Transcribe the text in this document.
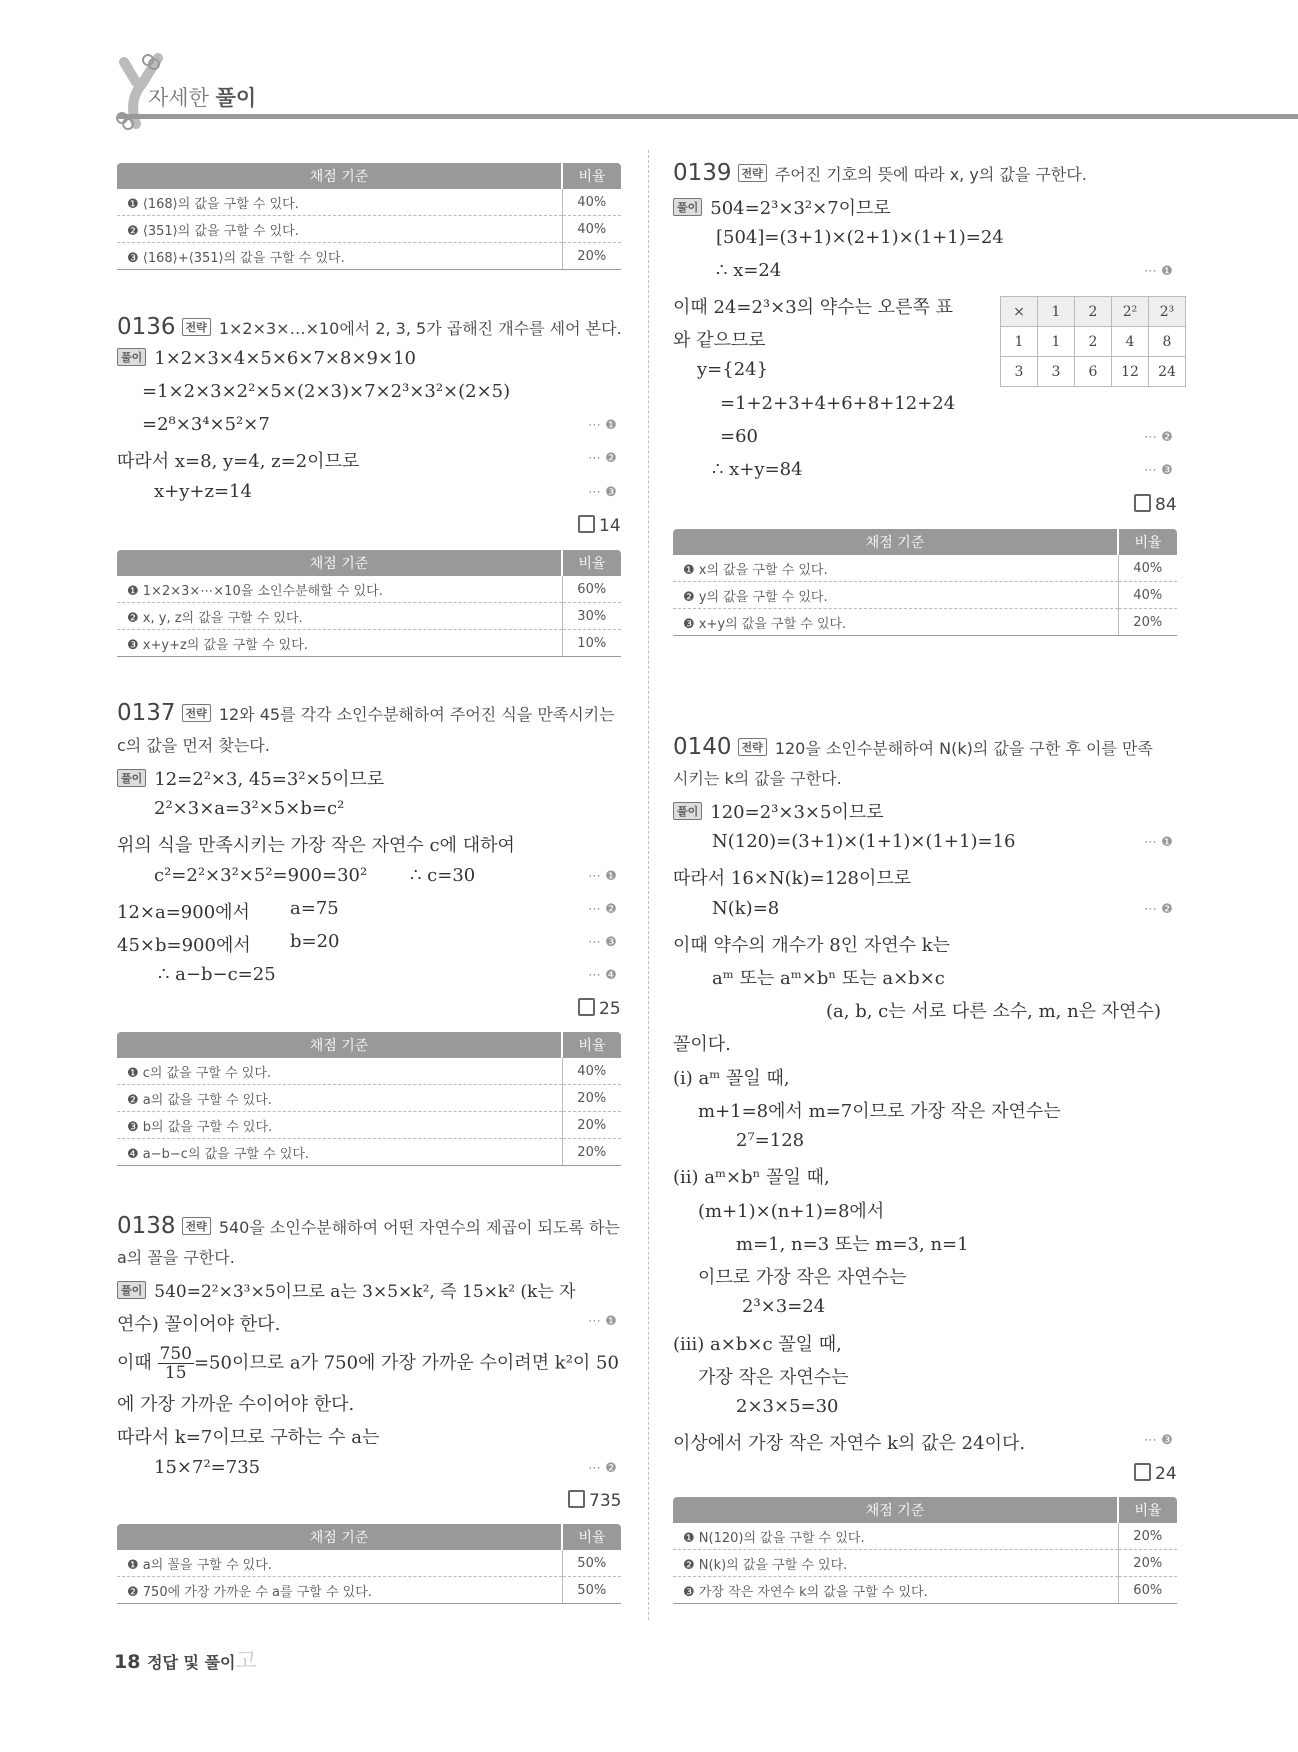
자세한 풀이
채점 기준	비율
❶ ⟨168⟩의 값을 구할 수 있다.	40%
❷ ⟨351⟩의 값을 구할 수 있다.	40%
❸ ⟨168⟩+⟨351⟩의 값을 구할 수 있다.	20%
0136 전략 1×2×3×…×10에서 2, 3, 5가 곱해진 개수를 세어 본다.
풀이 1×2×3×4×5×6×7×8×9×10
=1×2×3×2²×5×(2×3)×7×2³×3²×(2×5)
=2⁸×3⁴×5²×7	⋯ ❶
따라서 x=8, y=4, z=2이므로	⋯ ❷
x+y+z=14	⋯ ❸
14
채점 기준	비율
❶ 1×2×3×⋯×10을 소인수분해할 수 있다.	60%
❷ x, y, z의 값을 구할 수 있다.	30%
❸ x+y+z의 값을 구할 수 있다.	10%
0137 전략 12와 45를 각각 소인수분해하여 주어진 식을 만족시키는
c의 값을 먼저 찾는다.
풀이 12=2²×3, 45=3²×5이므로
2²×3×a=3²×5×b=c²
위의 식을 만족시키는 가장 작은 자연수 c에 대하여
c²=2²×3²×5²=900=30² ∴ c=30	⋯ ❶
12×a=900에서 a=75	⋯ ❷
45×b=900에서 b=20	⋯ ❸
∴ a−b−c=25	⋯ ❹
25
채점 기준	비율
❶ c의 값을 구할 수 있다.	40%
❷ a의 값을 구할 수 있다.	20%
❸ b의 값을 구할 수 있다.	20%
❹ a−b−c의 값을 구할 수 있다.	20%
0138 전략 540을 소인수분해하여 어떤 자연수의 제곱이 되도록 하는
a의 꼴을 구한다.
풀이 540=2²×3³×5이므로 a는 3×5×k², 즉 15×k² (k는 자
연수) 꼴이어야 한다.	⋯ ❶
이때 $\frac{750}{15} =50$이므로 a가 750에 가장 가까운 수이려면 k²이 50
에 가장 가까운 수이어야 한다.
따라서 k=7이므로 구하는 수 a는
15×7²=735	⋯ ❷
735
채점 기준	비율
❶ a의 꼴을 구할 수 있다.	50%
❷ 750에 가장 가까운 수 a를 구할 수 있다.	50%
0139 전략 주어진 기호의 뜻에 따라 x, y의 값을 구한다.
풀이 504=2³×3²×7이므로
[504]=(3+1)×(2+1)×(1+1)=24
∴ x=24	⋯ ❶
이때 24=2³×3의 약수는 오른쪽 표
와 같으므로
×	1	2	2²	2³
1	1	2	4	8
3	3	6	12	24
y={24}
=1+2+3+4+6+8+12+24
=60	⋯ ❷
∴ x+y=84	⋯ ❸
84
채점 기준	비율
❶ x의 값을 구할 수 있다.	40%
❷ y의 값을 구할 수 있다.	40%
❸ x+y의 값을 구할 수 있다.	20%
0140 전략 120을 소인수분해하여 N(k)의 값을 구한 후 이를 만족
시키는 k의 값을 구한다.
풀이 120=2³×3×5이므로
N(120)=(3+1)×(1+1)×(1+1)=16	⋯ ❶
따라서 16×N(k)=128이므로
N(k)=8	⋯ ❷
이때 약수의 개수가 8인 자연수 k는
aᵐ 또는 aᵐ×bⁿ 또는 a×b×c
(a, b, c는 서로 다른 소수, m, n은 자연수)
꼴이다.
(i) aᵐ 꼴일 때,
m+1=8에서 m=7이므로 가장 작은 자연수는
2⁷=128
(ii) aᵐ×bⁿ 꼴일 때,
(m+1)×(n+1)=8에서
m=1, n=3 또는 m=3, n=1
이므로 가장 작은 자연수는
2³×3=24
(iii) a×b×c 꼴일 때,
가장 작은 자연수는
2×3×5=30
이상에서 가장 작은 자연수 k의 값은 24이다.	⋯ ❸
24
채점 기준	비율
❶ N(120)의 값을 구할 수 있다.	20%
❷ N(k)의 값을 구할 수 있다.	20%
❸ 가장 작은 자연수 k의 값을 구할 수 있다.	60%
18 정답 및 풀이고
